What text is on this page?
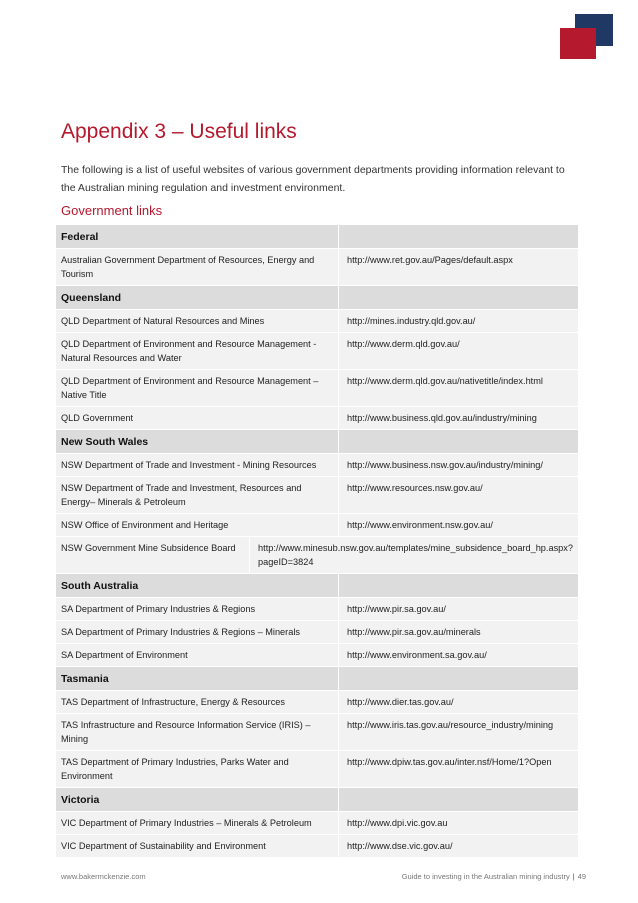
Appendix 3 – Useful links
The following is a list of useful websites of various government departments providing information relevant to the Australian mining regulation and investment environment.
Government links
Federal
Australian Government Department of Resources, Energy and Tourism
http://www.ret.gov.au/Pages/default.aspx
Queensland
QLD Department of Natural Resources and Mines	http://mines.industry.qld.gov.au/
QLD Department of Environment and Resource Management - Natural Resources and Water
http://www.derm.qld.gov.au/
QLD Department of Environment and Resource Management – Native Title
http://www.derm.qld.gov.au/nativetitle/index.html
QLD Government	http://www.business.qld.gov.au/industry/mining
New South Wales
NSW Department of Trade and Investment - Mining Resources	http://www.business.nsw.gov.au/industry/mining/
NSW Department of Trade and Investment, Resources and Energy– Minerals & Petroleum
http://www.resources.nsw.gov.au/
NSW Office of Environment and Heritage	http://www.environment.nsw.gov.au/
NSW Government Mine Subsidence Board	http://www.minesub.nsw.gov.au/templates/mine_subsidence_board_hp.aspx?pageID=3824
South Australia
SA Department of Primary Industries & Regions	http://www.pir.sa.gov.au/
SA Department of Primary Industries & Regions – Minerals	http://www.pir.sa.gov.au/minerals
SA Department of Environment	http://www.environment.sa.gov.au/
Tasmania
TAS Department of Infrastructure, Energy & Resources	http://www.dier.tas.gov.au/
TAS Infrastructure and Resource Information Service (IRIS) – Mining
http://www.iris.tas.gov.au/resource_industry/mining
TAS Department of Primary Industries, Parks Water and Environment
http://www.dpiw.tas.gov.au/inter.nsf/Home/1?Open
Victoria
VIC Department of Primary Industries – Minerals & Petroleum	http://www.dpi.vic.gov.au
VIC Department of Sustainability and Environment	http://www.dse.vic.gov.au/
www.bakermckenzie.com	Guide to investing in the Australian mining industry | 49
